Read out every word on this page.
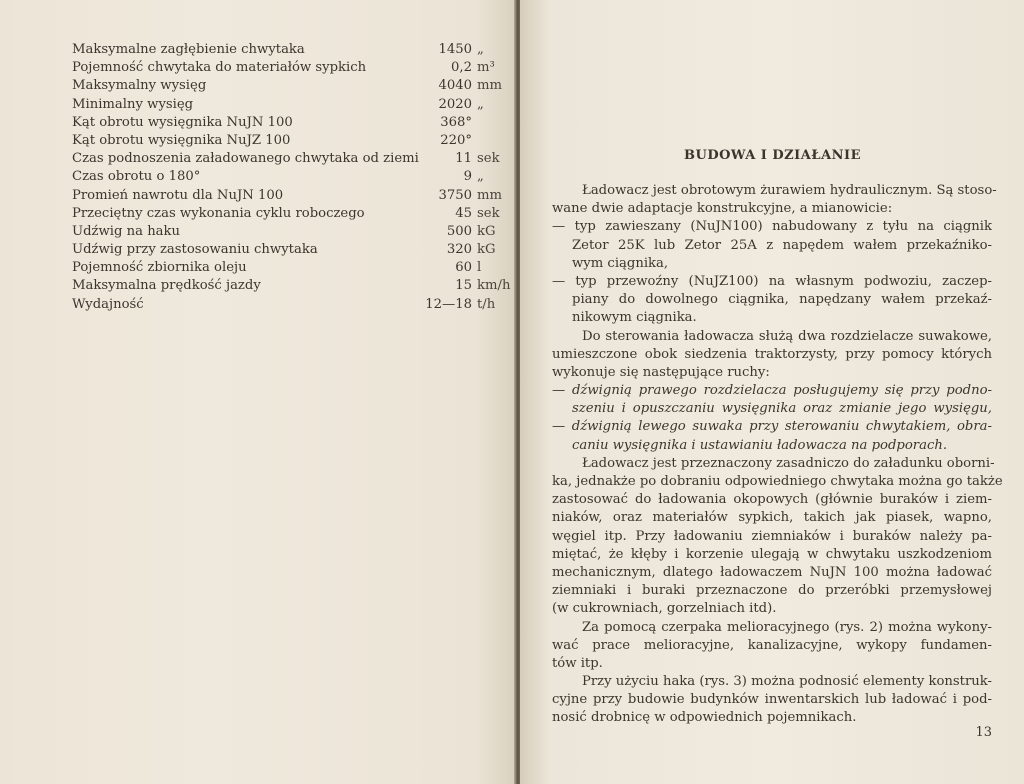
Maksymalne zagłębienie chwytaka	1450 „
Pojemność chwytaka do materiałów sypkich	0,2 m³
Maksymalny wysięg	4040 mm
Minimalny wysięg	2020 „
Kąt obrotu wysięgnika NuJN 100	368°
Kąt obrotu wysięgnika NuJZ 100	220°
Czas podnoszenia załadowanego chwytaka od ziemi	11 sek
Czas obrotu o 180°	9 „
Promień nawrotu dla NuJN 100	3750 mm
Przeciętny czas wykonania cyklu roboczego	45 sek
Udźwig na haku	500 kG
Udźwig przy zastosowaniu chwytaka	320 kG
Pojemność zbiornika oleju	60 l
Maksymalna prędkość jazdy	15 km/h
Wydajność	12—18 t/h
BUDOWA I DZIAŁANIE
Ładowacz jest obrotowym żurawiem hydraulicznym. Są stoso-
wane dwie adaptacje konstrukcyjne, a mianowicie:
— typ zawieszany (NuJN100) nabudowany z tyłu na ciągnik
Zetor 25K lub Zetor 25A z napędem wałem przekaźniko-
wym ciągnika,
— typ przewoźny (NuJZ100) na własnym podwoziu, zaczep-
piany do dowolnego ciągnika, napędzany wałem przekaź-
nikowym ciągnika.
Do sterowania ładowacza służą dwa rozdzielacze suwakowe,
umieszczone obok siedzenia traktorzysty, przy pomocy których
wykonuje się następujące ruchy:
— dźwignią prawego rozdzielacza posługujemy się przy podno-
szeniu i opuszczaniu wysięgnika oraz zmianie jego wysięgu,
— dźwignią lewego suwaka przy sterowaniu chwytakiem, obra-
caniu wysięgnika i ustawianiu ładowacza na podporach.
Ładowacz jest przeznaczony zasadniczo do załadunku oborni-
ka, jednakże po dobraniu odpowiedniego chwytaka można go także
zastosować do ładowania okopowych (głównie buraków i ziem-
niaków, oraz materiałów sypkich, takich jak piasek, wapno,
węgiel itp. Przy ładowaniu ziemniaków i buraków należy pa-
miętać, że kłęby i korzenie ulegają w chwytaku uszkodzeniom
mechanicznym, dlatego ładowaczem NuJN 100 można ładować
ziemniaki i buraki przeznaczone do przeróbki przemysłowej
(w cukrowniach, gorzelniach itd).
Za pomocą czerpaka melioracyjnego (rys. 2) można wykony-
wać prace melioracyjne, kanalizacyjne, wykopy fundamen-
tów itp.
Przy użyciu haka (rys. 3) można podnosić elementy konstruk-
cyjne przy budowie budynków inwentarskich lub ładować i pod-
nosić drobnicę w odpowiednich pojemnikach.
13
